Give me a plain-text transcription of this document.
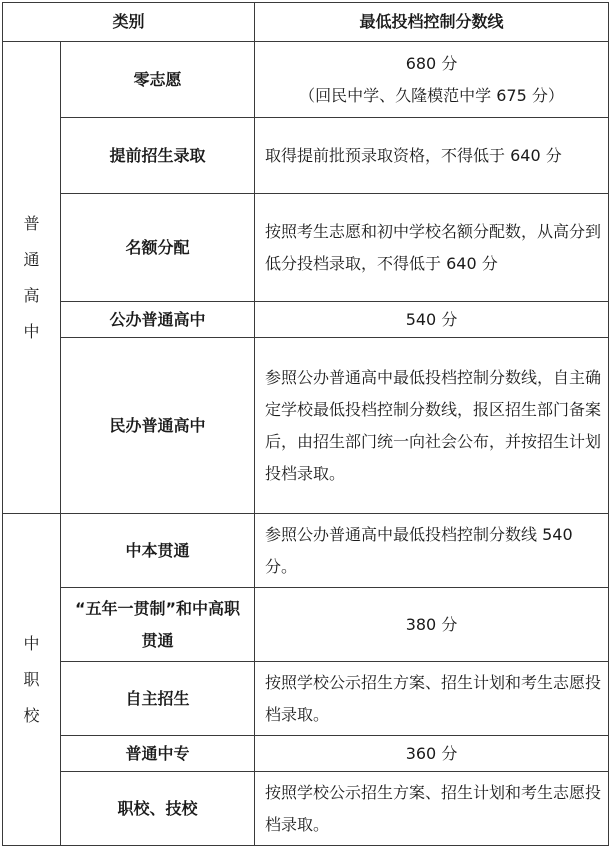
类别		最低投档控制分数线

普通高中	零志愿	680 分
（回民中学、久隆模范中学 675 分）
	提前招生录取	取得提前批预录取资格，不得低于 640 分
	名额分配	按照考生志愿和初中学校名额分配数，从高分到低分投档录取，不得低于 640 分
	公办普通高中	540 分
	民办普通高中	参照公办普通高中最低投档控制分数线，自主确定学校最低投档控制分数线，报区招生部门备案后，由招生部门统一向社会公布，并按招生计划投档录取。

中职校	中本贯通	参照公办普通高中最低投档控制分数线 540 分。
	“五年一贯制”和中高职贯通	380 分
	自主招生	按照学校公示招生方案、招生计划和考生志愿投档录取。
	普通中专	360 分
	职校、技校	按照学校公示招生方案、招生计划和考生志愿投档录取。
